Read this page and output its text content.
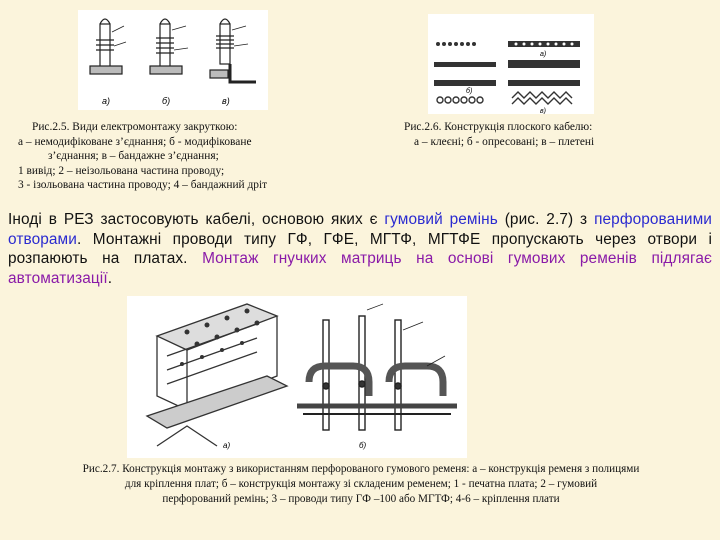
а)	б)	в)
Рис.2.5. Види електромонтажу закруткою:
а – немодифіковане з’єднання; б - модифіковане
з’єднання; в – бандажне з’єднання;
1 вивід; 2 – неізольована частина проводу;
3 - ізольована частина проводу; 4 – бандажний дріт
а)
б)
в)
Рис.2.6. Конструкція плоского кабелю:
а – клеєні; б - опресовані; в – плетені
Іноді в РЕЗ застосовують кабелі, основою яких є гумовий ремінь (рис. 2.7) з перфорованими отворами. Монтажні проводи типу ГФ, ГФЕ, МГТФ, МГТФЕ пропускають через отвори і розпаюють на платах. Монтаж гнучких матриць на основі гумових ременів підлягає автоматизації.
а)	б)
Рис.2.7. Конструкція монтажу з використанням перфорованого гумового ременя: а – конструкція ременя з полицями
для кріплення плат; б – конструкція монтажу зі складеним ременем; 1 - печатна плата; 2 – гумовий
перфорований ремінь; 3 – проводи типу ГФ –100 або МГТФ; 4-6 – кріплення плати
